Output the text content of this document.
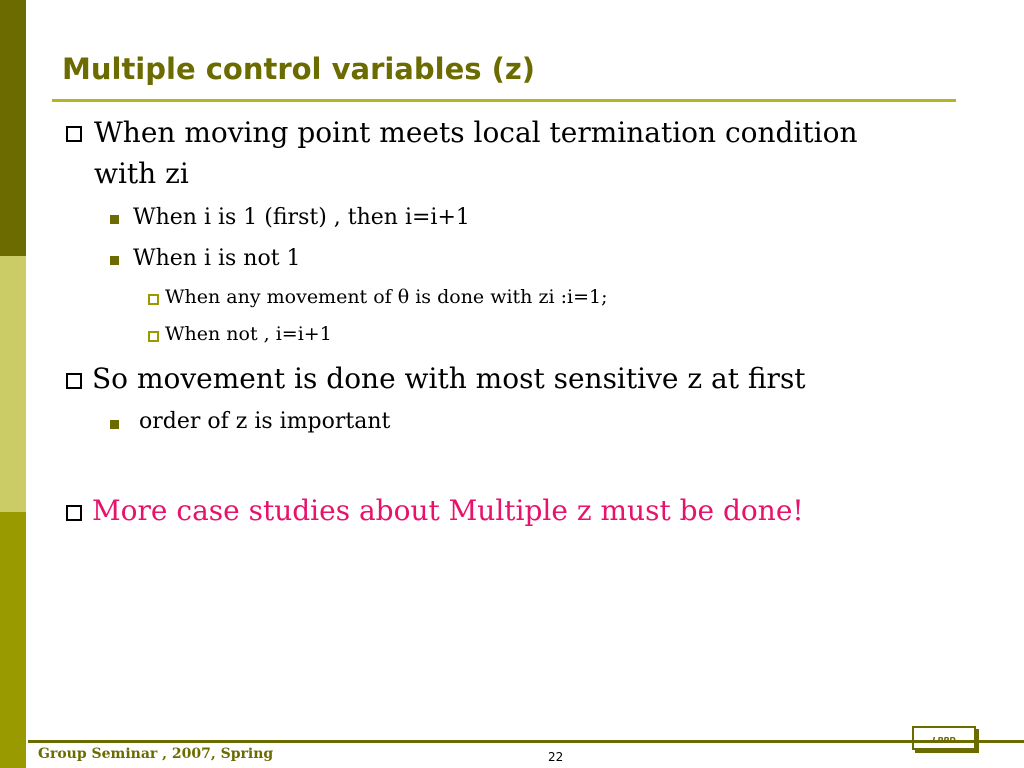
Multiple control variables (z)
When moving point meets local termination condition
with zi
When i is 1 (first) , then i=i+1
When i is not 1
When any movement of θ is done with zi :i=1;
When not , i=i+1
So movement is done with most sensitive z at first
order of z is important
More case studies about Multiple z must be done!
Group Seminar , 2007, Spring	22
